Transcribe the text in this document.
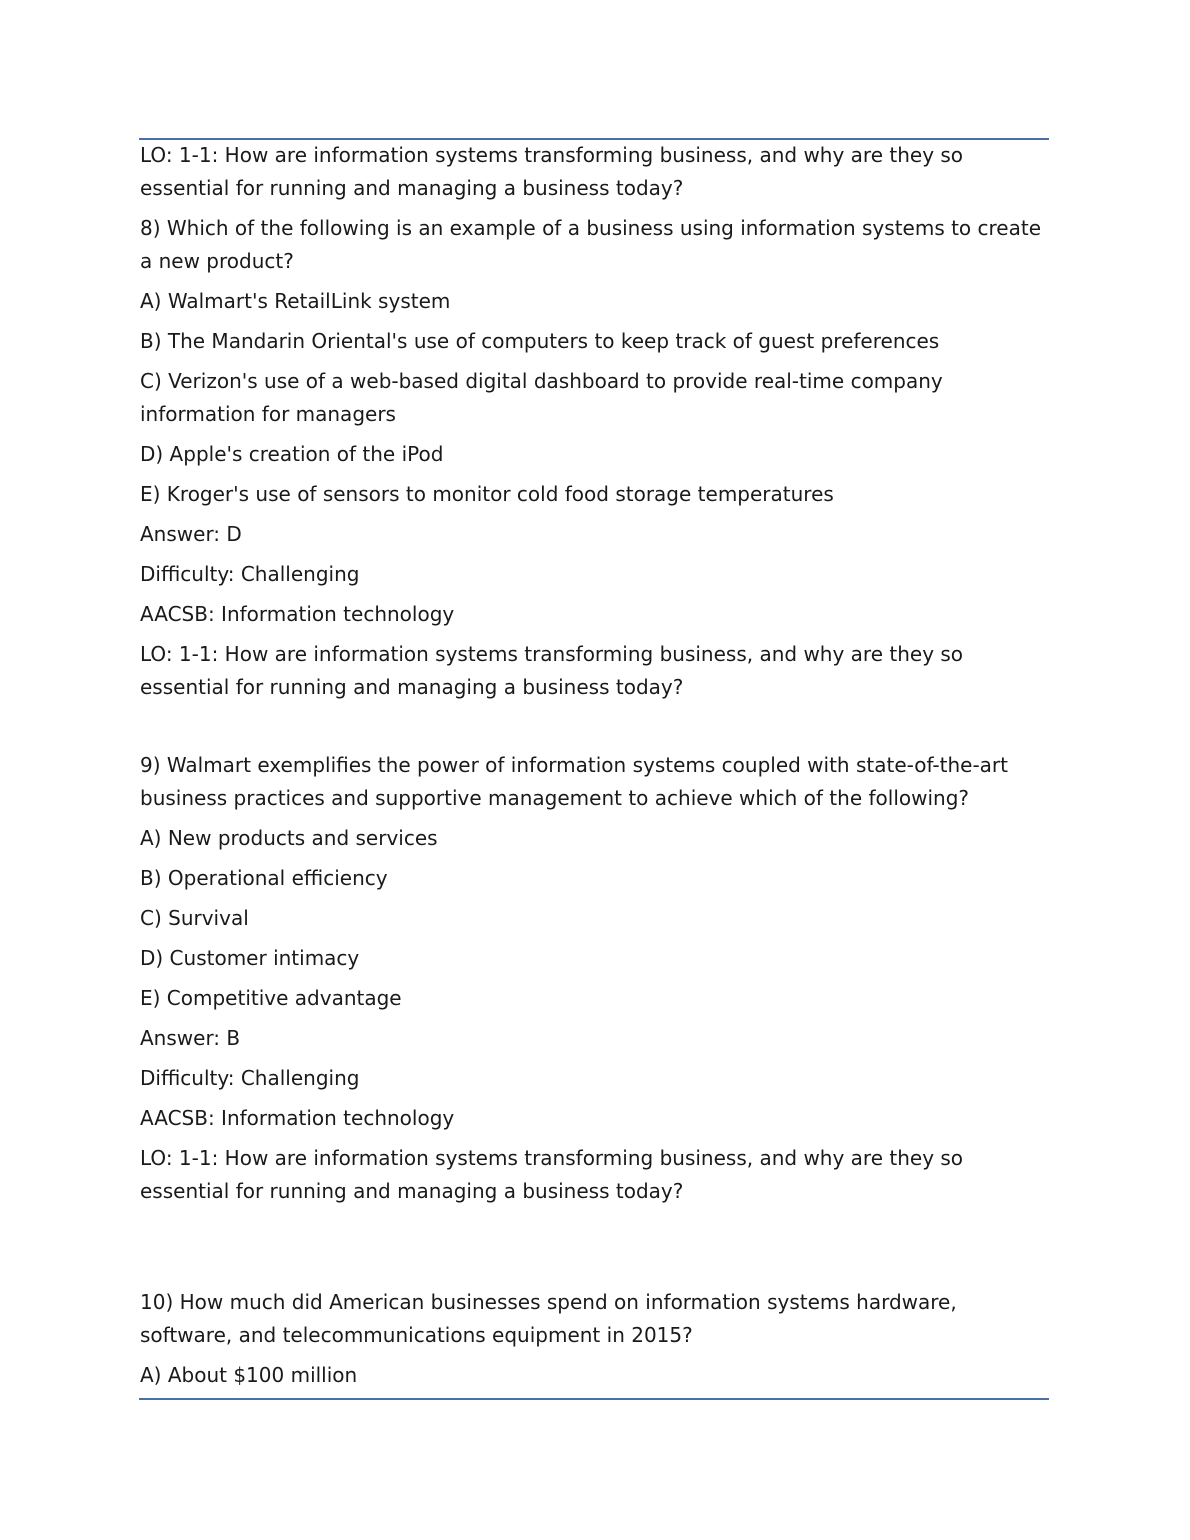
LO: 1-1: How are information systems transforming business, and why are they so essential for running and managing a business today?

8) Which of the following is an example of a business using information systems to create a new product?

A) Walmart's RetailLink system

B) The Mandarin Oriental's use of computers to keep track of guest preferences

C) Verizon's use of a web-based digital dashboard to provide real-time company information for managers

D) Apple's creation of the iPod

E) Kroger's use of sensors to monitor cold food storage temperatures

Answer: D

Difficulty: Challenging

AACSB: Information technology

LO: 1-1: How are information systems transforming business, and why are they so essential for running and managing a business today?

9) Walmart exemplifies the power of information systems coupled with state-of-the-art business practices and supportive management to achieve which of the following?

A) New products and services

B) Operational efficiency

C) Survival

D) Customer intimacy

E) Competitive advantage

Answer: B

Difficulty: Challenging

AACSB: Information technology

LO: 1-1: How are information systems transforming business, and why are they so essential for running and managing a business today?

10) How much did American businesses spend on information systems hardware, software, and telecommunications equipment in 2015?

A) About $100 million
